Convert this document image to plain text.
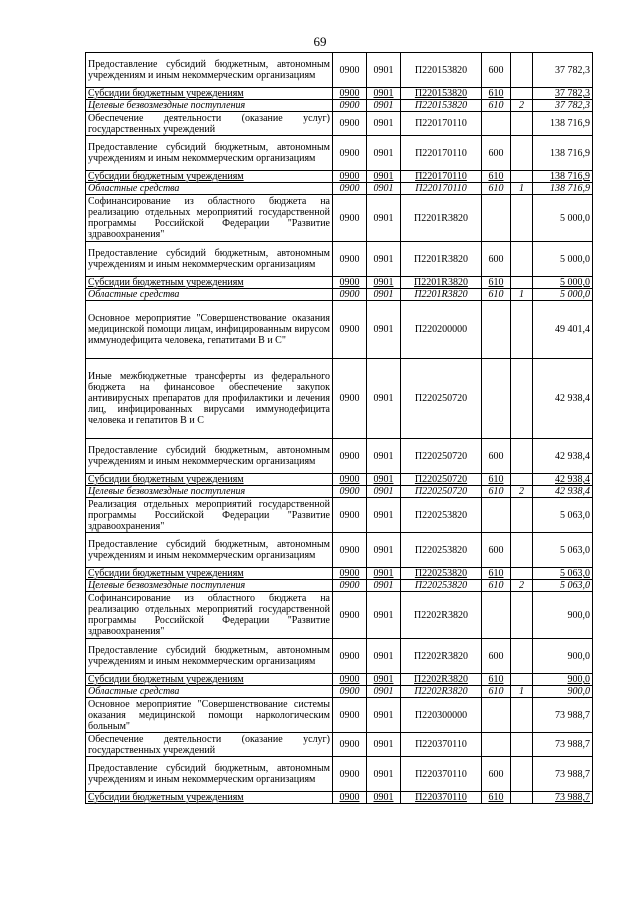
69
Предоставление субсидий бюджетным, автономным учреждениям и иным некоммерческим организациям	0900	0901	П220153820	600		37 782,3
Субсидии бюджетным учреждениям	0900	0901	П220153820	610		37 782,3
Целевые безвозмездные поступления	0900	0901	П220153820	610	2	37 782,3
Обеспечение деятельности (оказание услуг) государственных учреждений	0900	0901	П220170110			138 716,9
Предоставление субсидий бюджетным, автономным учреждениям и иным некоммерческим организациям	0900	0901	П220170110	600		138 716,9
Субсидии бюджетным учреждениям	0900	0901	П220170110	610		138 716,9
Областные средства	0900	0901	П220170110	610	1	138 716,9
Софинансирование из областного бюджета на реализацию отдельных мероприятий государственной программы Российской Федерации "Развитие здравоохранения"	0900	0901	П2201R3820			5 000,0
Предоставление субсидий бюджетным, автономным учреждениям и иным некоммерческим организациям	0900	0901	П2201R3820	600		5 000,0
Субсидии бюджетным учреждениям	0900	0901	П2201R3820	610		5 000,0
Областные средства	0900	0901	П2201R3820	610	1	5 000,0
Основное мероприятие "Совершенствование оказания медицинской помощи лицам, инфицированным вирусом иммунодефицита человека, гепатитами B и C"	0900	0901	П220200000			49 401,4
Иные межбюджетные трансферты из федерального бюджета на финансовое обеспечение закупок антивирусных препаратов для профилактики и лечения лиц, инфицированных вирусами иммунодефицита человека и гепатитов B и C	0900	0901	П220250720			42 938,4
Предоставление субсидий бюджетным, автономным учреждениям и иным некоммерческим организациям	0900	0901	П220250720	600		42 938,4
Субсидии бюджетным учреждениям	0900	0901	П220250720	610		42 938,4
Целевые безвозмездные поступления	0900	0901	П220250720	610	2	42 938,4
Реализация отдельных мероприятий государственной программы Российской Федерации "Развитие здравоохранения"	0900	0901	П220253820			5 063,0
Предоставление субсидий бюджетным, автономным учреждениям и иным некоммерческим организациям	0900	0901	П220253820	600		5 063,0
Субсидии бюджетным учреждениям	0900	0901	П220253820	610		5 063,0
Целевые безвозмездные поступления	0900	0901	П220253820	610	2	5 063,0
Софинансирование из областного бюджета на реализацию отдельных мероприятий государственной программы Российской Федерации "Развитие здравоохранения"	0900	0901	П2202R3820			900,0
Предоставление субсидий бюджетным, автономным учреждениям и иным некоммерческим организациям	0900	0901	П2202R3820	600		900,0
Субсидии бюджетным учреждениям	0900	0901	П2202R3820	610		900,0
Областные средства	0900	0901	П2202R3820	610	1	900,0
Основное мероприятие "Совершенствование системы оказания медицинской помощи наркологическим больным"	0900	0901	П220300000			73 988,7
Обеспечение деятельности (оказание услуг) государственных учреждений	0900	0901	П220370110			73 988,7
Предоставление субсидий бюджетным, автономным учреждениям и иным некоммерческим организациям	0900	0901	П220370110	600		73 988,7
Субсидии бюджетным учреждениям	0900	0901	П220370110	610		73 988,7
